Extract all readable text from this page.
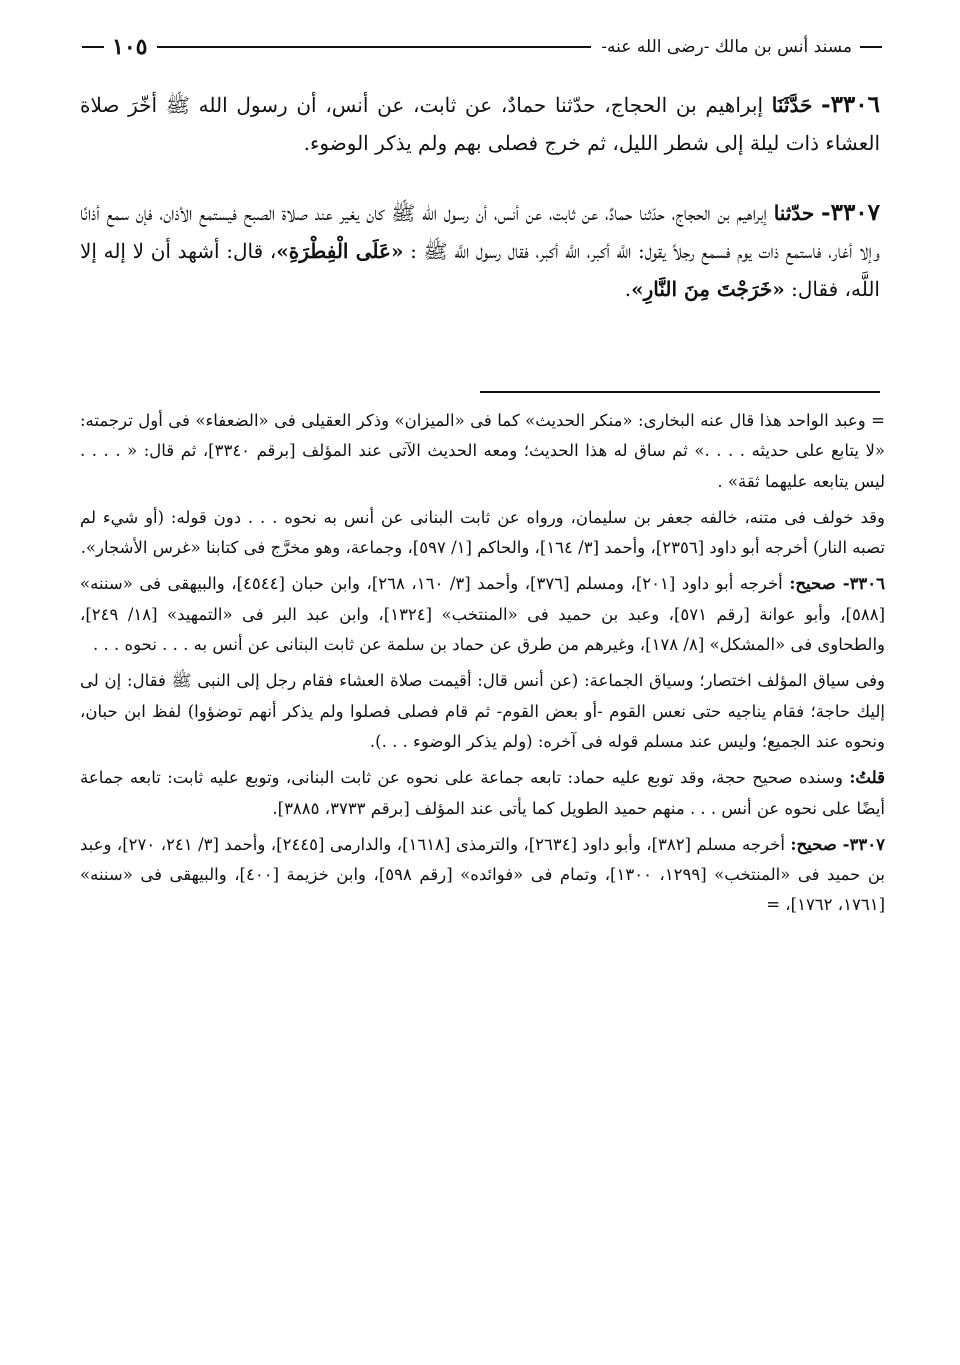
مسند أنس بن مالك -رضى الله عنه-
١٠٥
٣٣٠٦- حَدَّثَنَا إبراهيم بن الحجاج، حدّثنا حمادٌ، عن ثابت، عن أنس، أن رسول الله ﷺ أخّرَ صلاة العشاء ذات ليلة إلى شطر الليل، ثم خرج فصلى بهم ولم يذكر الوضوء.
٣٣٠٧- حدّثنا إبراهيم بن الحجاج، حدّثنا حمادٌ، عن ثابت، عن أنس، أن رسول الله ﷺ كان يغير عند صلاة الصبح فيستمع الأذان، فإن سمع أذانًا وإلا أغار، فاستمع ذات يوم فسمع رجلاً يقول: اللَّه أكبر، اللَّه أكبر، فقال رسول اللَّه ﷺ : «عَلَى الْفِطْرَةِ»، قال: أشهد أن لا إله إلا اللَّه، فقال: «خَرَجْتَ مِنَ النَّارِ».

= وعبد الواحد هذا قال عنه البخارى: «منكر الحديث» كما فى «الميزان» وذكر العقيلى فى «الضعفاء» فى أول ترجمته: «لا يتابع على حديثه . . . .» ثم ساق له هذا الحديث؛ ومعه الحديث الآتى عند المؤلف [برقم ٣٣٤٠]، ثم قال: « . . . . ليس يتابعه عليهما ثقة» .

وقد خولف فى متنه، خالفه جعفر بن سليمان، ورواه عن ثابت البنانى عن أنس به نحوه . . . دون قوله: (أو شيء لم تصبه النار) أخرجه أبو داود [٢٣٥٦]، وأحمد [٣/ ١٦٤]، والحاكم [١/ ٥٩٧]، وجماعة، وهو مخرَّج فى كتابنا «غرس الأشجار».

٣٣٠٦- صحيح: أخرجه أبو داود [٢٠١]، ومسلم [٣٧٦]، وأحمد [٣/ ١٦٠، ٢٦٨]، وابن حبان [٤٥٤٤]، والبيهقى فى «سننه» [٥٨٨]، وأبو عوانة [رقم ٥٧١]، وعبد بن حميد فى «المنتخب» [١٣٢٤]، وابن عبد البر فى «التمهيد» [١٨/ ٢٤٩]، والطحاوى فى «المشكل» [٨/ ١٧٨]، وغيرهم من طرق عن حماد بن سلمة عن ثابت البنانى عن أنس به . . . نحوه . . .

وفى سياق المؤلف اختصار؛ وسياق الجماعة: (عن أنس قال: أقيمت صلاة العشاء فقام رجل إلى النبى ﷺ فقال: إن لى إليك حاجة؛ فقام يناجيه حتى نعس القوم -أو بعض القوم- ثم قام فصلى فصلوا ولم يذكر أنهم توضؤوا) لفظ ابن حبان، ونحوه عند الجميع؛ وليس عند مسلم قوله فى آخره: (ولم يذكر الوضوء . . .).

قلتُ: وسنده صحيح حجة، وقد توبع عليه حماد: تابعه جماعة على نحوه عن ثابت البنانى، وتوبع عليه ثابت: تابعه جماعة أيضًا على نحوه عن أنس . . . منهم حميد الطويل كما يأتى عند المؤلف [برقم ٣٧٣٣، ٣٨٨٥].

٣٣٠٧- صحيح: أخرجه مسلم [٣٨٢]، وأبو داود [٢٦٣٤]، والترمذى [١٦١٨]، والدارمى [٢٤٤٥]، وأحمد [٣/ ٢٤١، ٢٧٠]، وعبد بن حميد فى «المنتخب» [١٢٩٩، ١٣٠٠]، وتمام فى «فوائده» [رقم ٥٩٨]، وابن خزيمة [٤٠٠]، والبيهقى فى «سننه» [١٧٦١، ١٧٦٢]، =
